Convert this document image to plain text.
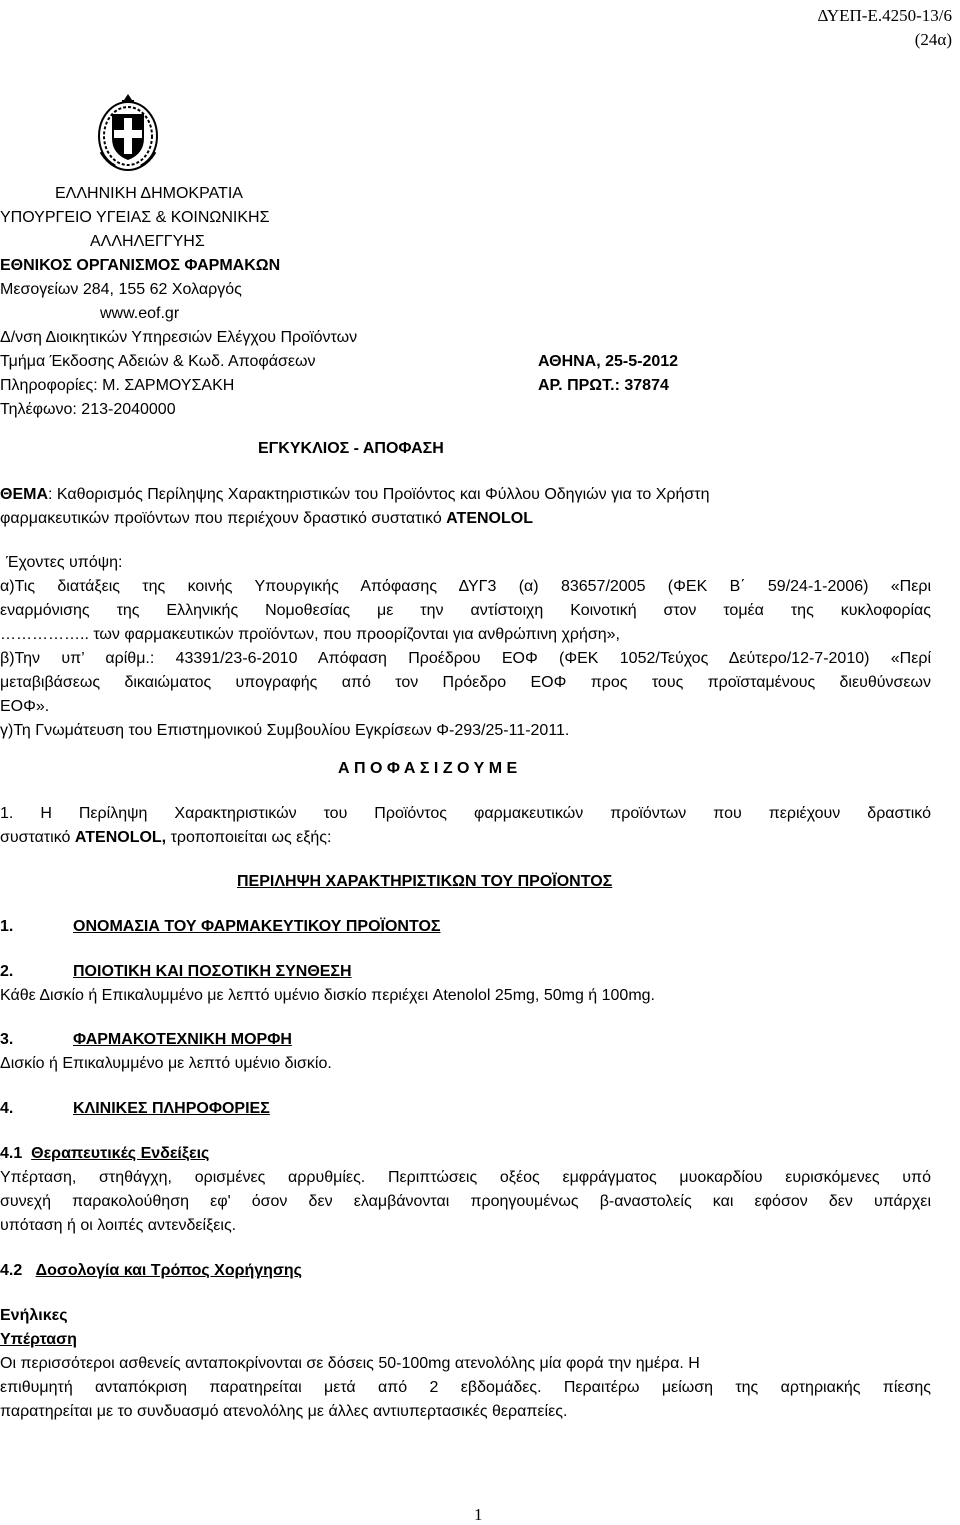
ΔΥΕΠ-Ε.4250-13/6
(24α)
ΕΛΛΗΝΙΚΗ ΔΗΜΟΚΡΑΤΙΑ
ΥΠΟΥΡΓΕΙΟ ΥΓΕΙΑΣ & ΚΟΙΝΩΝΙΚΗΣ
ΑΛΛΗΛΕΓΓΥΗΣ
ΕΘΝΙΚΟΣ ΟΡΓΑΝΙΣΜΟΣ ΦΑΡΜΑΚΩΝ
Μεσογείων 284, 155 62 Χολαργός
www.eof.gr
Δ/νση Διοικητικών Υπηρεσιών Ελέγχου Προϊόντων
Τμήμα Έκδοσης Αδειών & Κωδ. Αποφάσεων
Πληροφορίες: Μ. ΣΑΡΜΟΥΣΑΚΗ
Τηλέφωνο: 213-2040000
ΑΘΗΝΑ, 25-5-2012
ΑΡ. ΠΡΩΤ.: 37874
ΕΓΚΥΚΛΙΟΣ - ΑΠΟΦΑΣΗ
ΘΕΜΑ: Καθορισμός Περίληψης Χαρακτηριστικών του Προϊόντος και Φύλλου Οδηγιών για το Χρήστη
φαρμακευτικών προϊόντων που περιέχουν δραστικό συστατικό ATENOLOL
Έχοντες υπόψη:
α)Τις διατάξεις της κοινής Υπουργικής Απόφασης ΔΥΓ3 (α) 83657/2005 (ΦΕΚ Β΄ 59/24-1-2006) «Περι
εναρμόνισης της Ελληνικής Νομοθεσίας με την αντίστοιχη Κοινοτική στον τομέα της κυκλοφορίας
…………….. των φαρμακευτικών προϊόντων, που προορίζονται για ανθρώπινη χρήση»,
β)Την υπ’ αρίθμ.: 43391/23-6-2010 Απόφαση Προέδρου ΕΟΦ (ΦΕΚ 1052/Τεύχος Δεύτερο/12-7-2010) «Περί
μεταβιβάσεως δικαιώματος υπογραφής από τον Πρόεδρο ΕΟΦ προς τους προϊσταμένους διευθύνσεων
ΕΟΦ».
γ)Τη Γνωμάτευση του Επιστημονικού Συμβουλίου Εγκρίσεων Φ-293/25-11-2011.
Α Π Ο Φ Α Σ Ι Ζ Ο Υ Μ Ε
1. Η Περίληψη Χαρακτηριστικών του Προϊόντος φαρμακευτικών προϊόντων που περιέχουν δραστικό
συστατικό ATENOLOL, τροποποιείται ως εξής:
ΠΕΡΙΛΗΨΗ ΧΑΡΑΚΤΗΡΙΣΤΙΚΩΝ ΤΟΥ ΠΡΟΪΟΝΤΟΣ
1.	ΟΝΟΜΑΣΙΑ ΤΟΥ ΦΑΡΜΑΚΕΥΤΙΚΟΥ ΠΡΟΪΟΝΤΟΣ
2.	ΠΟΙΟΤΙΚΗ ΚΑΙ ΠΟΣΟΤΙΚΗ ΣΥΝΘΕΣΗ
Κάθε Δισκίο ή Επικαλυμμένο με λεπτό υμένιο δισκίο περιέχει Atenolol 25mg, 50mg ή 100mg.
3.	ΦΑΡΜΑΚΟΤΕΧΝΙΚΗ ΜΟΡΦΗ
Δισκίο ή Επικαλυμμένο με λεπτό υμένιο δισκίο.
4.	ΚΛΙΝΙΚΕΣ ΠΛΗΡΟΦΟΡΙΕΣ
4.1 Θεραπευτικές Ενδείξεις
Υπέρταση, στηθάγχη, ορισμένες αρρυθμίες. Περιπτώσεις οξέος εμφράγματος μυοκαρδίου ευρισκόμενες υπό
συνεχή παρακολούθηση εφ' όσον δεν ελαμβάνονται προηγουμένως β-αναστολείς και εφόσον δεν υπάρχει
υπόταση ή οι λοιπές αντενδείξεις.
4.2 Δοσολογία και Τρόπος Χορήγησης
Ενήλικες
Υπέρταση
Οι περισσότεροι ασθενείς ανταποκρίνονται σε δόσεις 50-100mg ατενολόλης μία φορά την ημέρα. Η
επιθυμητή ανταπόκριση παρατηρείται μετά από 2 εβδομάδες. Περαιτέρω μείωση της αρτηριακής πίεσης
παρατηρείται με το συνδυασμό ατενολόλης με άλλες αντιυπερτασικές θεραπείες.
1
